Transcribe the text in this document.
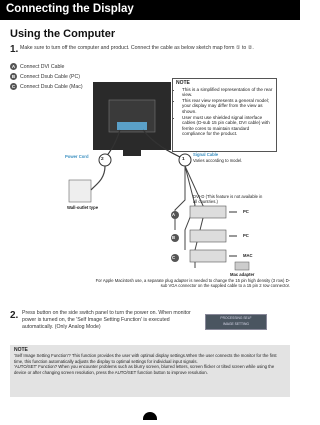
Connecting the Display
Using the Computer
1. Make sure to turn off the computer and product. Connect the cable as below sketch map form ① to ②.
A Connect DVI Cable
B Connect Dsub Cable (PC)
C Connect Dsub Cable (Mac)
2	1
Power Cord	Signal Cable
Varies according to model.
Wall-outlet type
DVI-D (This feature is not available in all countries.)
PC
PC
MAC
A
B
C
Mac adapter
For Apple Macintosh use, a separate plug adapter is needed to change the 15 pin high density (3 row) D-sub VGA connector on the supplied cable to a 15 pin 2 row connector.
NOTE
• This is a simplified representation of the rear view.
• This rear view represents a general model; your display may differ from the view as shown.
• User must use shielded signal interface cables (D-sub 15 pin cable, DVI cable) with ferrite cores to maintain standard compliance for the product.
2. Press button on the side switch panel to turn the power on. When monitor power is turned on, the 'Self Image Setting Function' is executed automatically. (Only Analog Mode)
PROCESSING SELF
IMAGE SETTING
NOTE
'Self Image Setting Function'? This function provides the user with optimal display settings.When the user connects the monitor for the first time, this function automatically adjusts the display to optimal settings for individual input signals.
'AUTO/SET' Function? When you encounter problems such as blurry screen, blurred letters, screen flicker or tilted screen while using the device or after changing screen resolution, press the AUTO/SET function button to improve resolution.
